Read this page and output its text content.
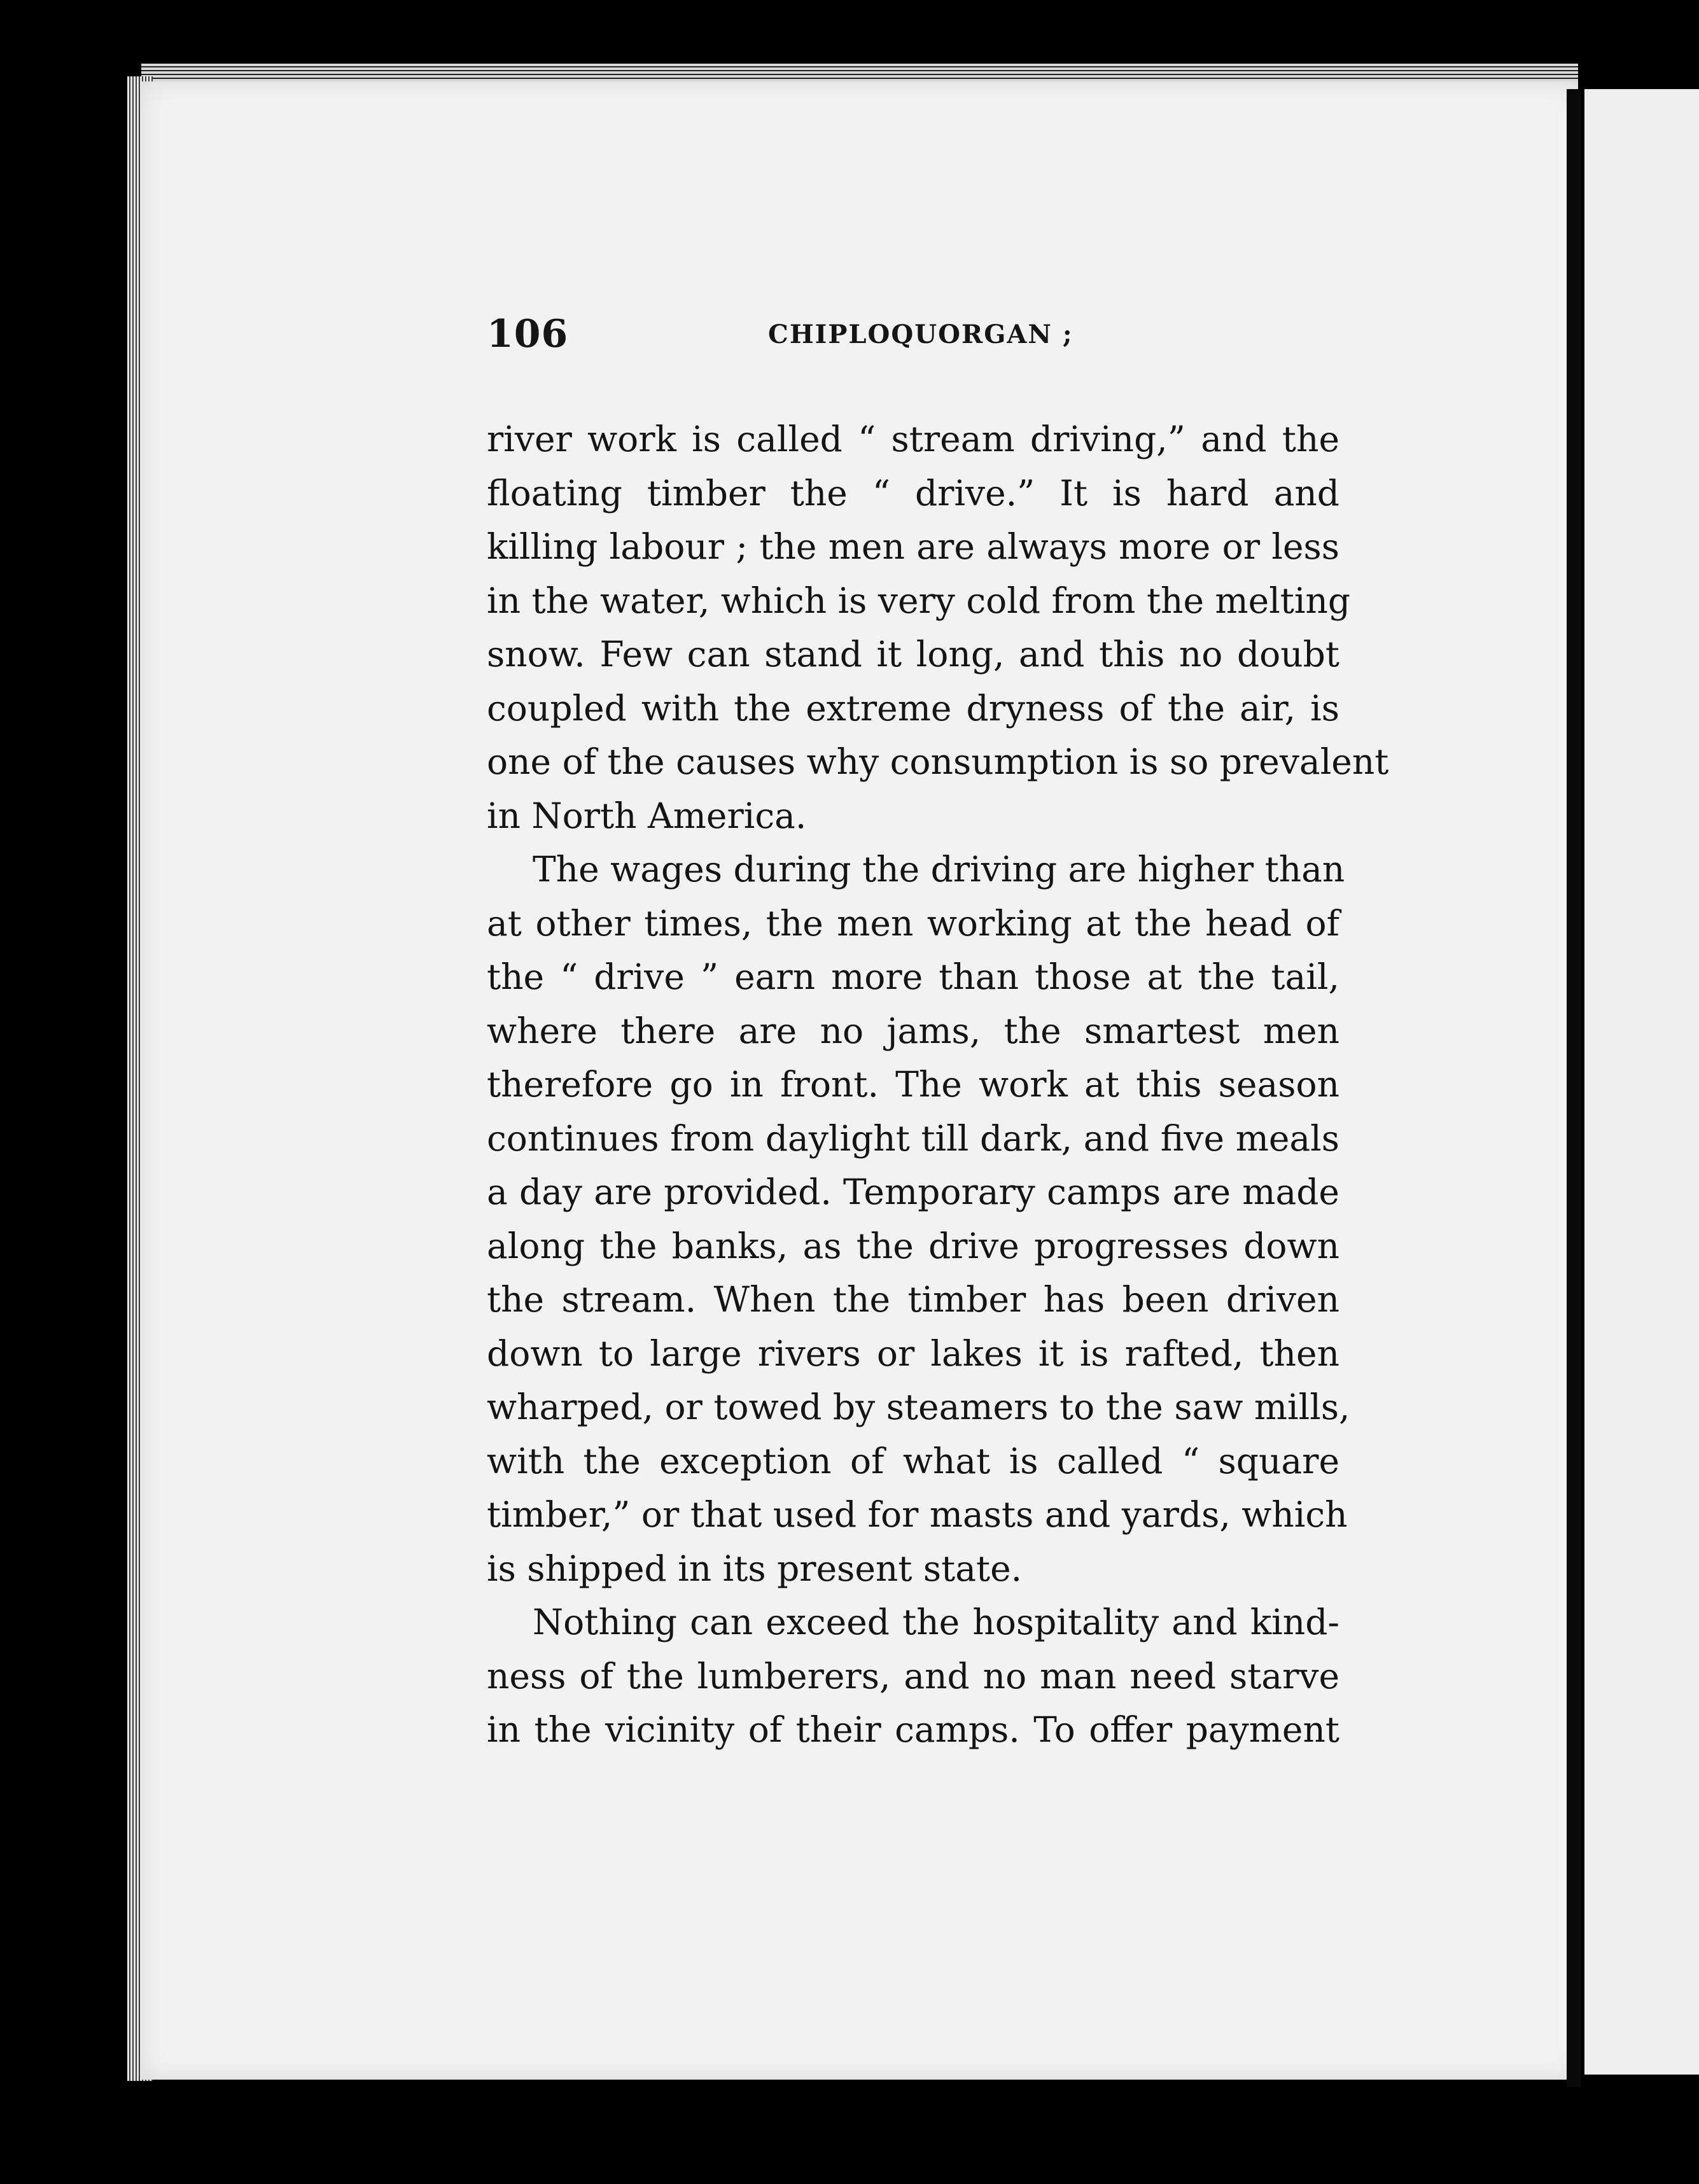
106	CHIPLOQUORGAN ;
river work is called “ stream driving,” and the
floating timber the “ drive.” It is hard and
killing labour ; the men are always more or less
in the water, which is very cold from the melting
snow. Few can stand it long, and this no doubt
coupled with the extreme dryness of the air, is
one of the causes why consumption is so prevalent
in North America.
The wages during the driving are higher than
at other times, the men working at the head of
the “ drive ” earn more than those at the tail,
where there are no jams, the smartest men
therefore go in front. The work at this season
continues from daylight till dark, and five meals
a day are provided. Temporary camps are made
along the banks, as the drive progresses down
the stream. When the timber has been driven
down to large rivers or lakes it is rafted, then
wharped, or towed by steamers to the saw mills,
with the exception of what is called “ square
timber,” or that used for masts and yards, which
is shipped in its present state.
Nothing can exceed the hospitality and kind-
ness of the lumberers, and no man need starve
in the vicinity of their camps. To offer payment
